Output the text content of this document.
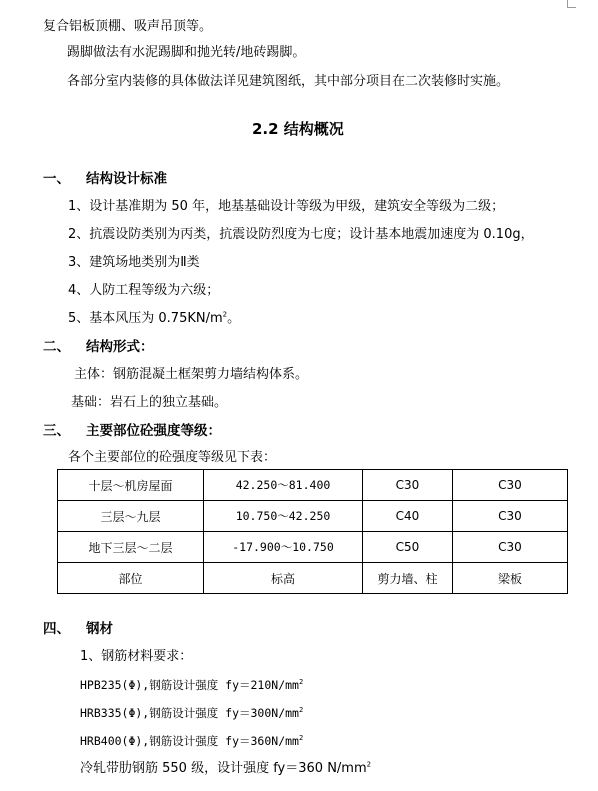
复合铝板顶棚、吸声吊顶等。
踢脚做法有水泥踢脚和抛光转/地砖踢脚。
各部分室内装修的具体做法详见建筑图纸，其中部分项目在二次装修时实施。
2.2 结构概况
一、 结构设计标准
1、设计基准期为 50 年，地基基础设计等级为甲级，建筑安全等级为二级；
2、抗震设防类别为丙类，抗震设防烈度为七度；设计基本地震加速度为 0.10g，
3、建筑场地类别为Ⅱ类
4、人防工程等级为六级；
5、基本风压为 $0.75KN/m^2$。
二、 结构形式：
主体：钢筋混凝土框架剪力墙结构体系。
基础：岩石上的独立基础。
三、 主要部位砼强度等级：
各个主要部位的砼强度等级见下表：
十层～机房屋面	42.250～81.400	C30	C30
三层～九层	10.750～42.250	C40	C30
地下三层～二层	-17.900～10.750	C50	C30
部位	标高	剪力墙、柱	梁板
四、 钢材
1、钢筋材料要求：
HPB235(Φ),钢筋设计强度 $fy=210N/mm^2$
HRB335(Φ),钢筋设计强度 $fy=300N/mm^2$
HRB400(Φ),钢筋设计强度 $fy=360N/mm^2$
冷轧带肋钢筋 550 级，设计强度 fy＝360 $N/mm^2$
